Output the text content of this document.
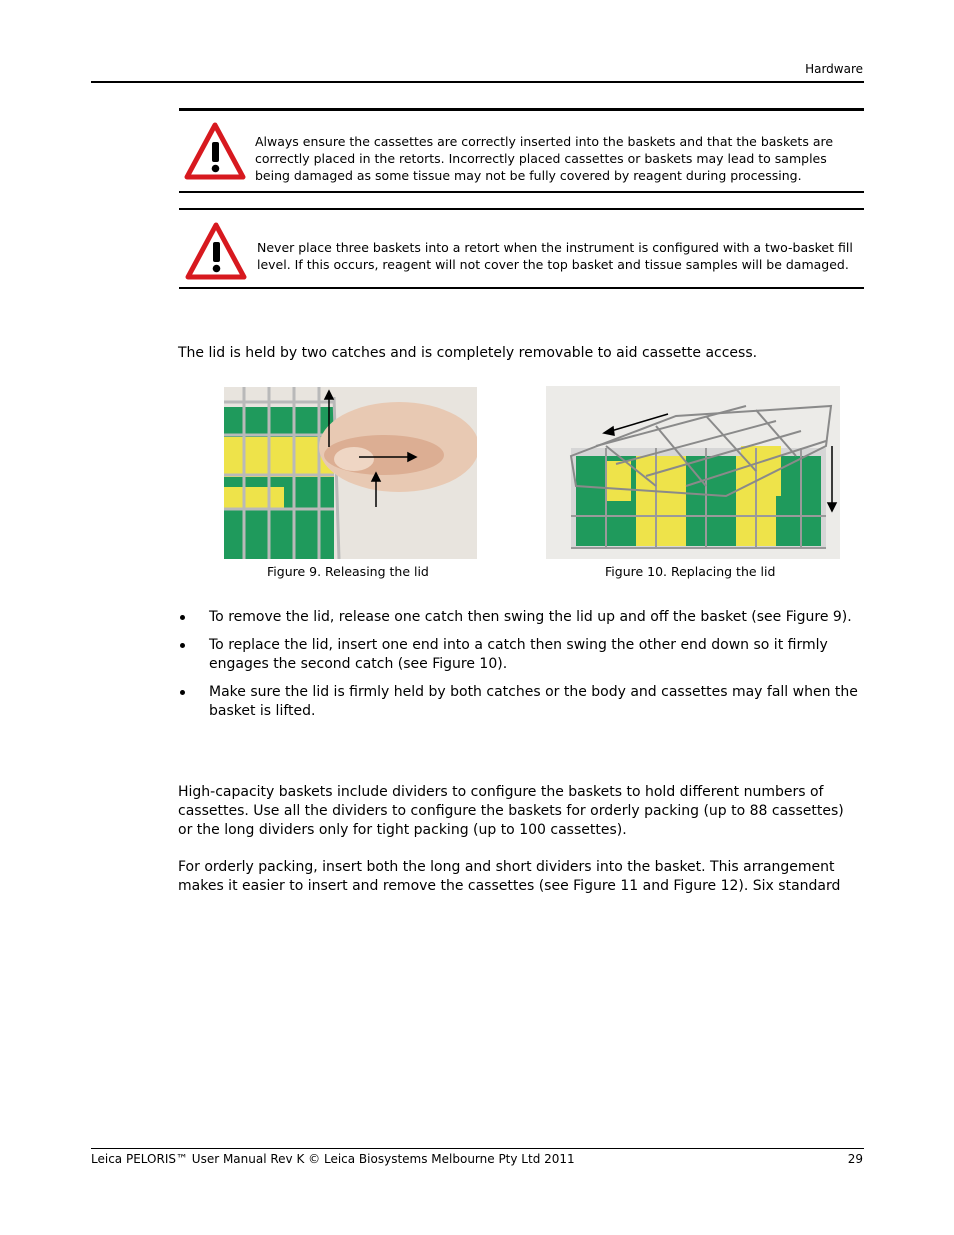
Hardware

Always ensure the cassettes are correctly inserted into the baskets and that the baskets are correctly placed in the retorts. Incorrectly placed cassettes or baskets may lead to samples being damaged as some tissue may not be fully covered by reagent during processing.

Never place three baskets into a retort when the instrument is configured with a two-basket fill level. If this occurs, reagent will not cover the top basket and tissue samples will be damaged.

The lid is held by two catches and is completely removable to aid cassette access.
Figure 9. Releasing the lid	Figure 10. Replacing the lid
To remove the lid, release one catch then swing the lid up and off the basket (see Figure 9).
To replace the lid, insert one end into a catch then swing the other end down so it firmly engages the second catch (see Figure 10).
Make sure the lid is firmly held by both catches or the body and cassettes may fall when the basket is lifted.
High-capacity baskets include dividers to configure the baskets to hold different numbers of cassettes. Use all the dividers to configure the baskets for orderly packing (up to 88 cassettes) or the long dividers only for tight packing (up to 100 cassettes).
For orderly packing, insert both the long and short dividers into the basket. This arrangement makes it easier to insert and remove the cassettes (see Figure 11 and Figure 12). Six standard
Leica PELORIS™ User Manual Rev K © Leica Biosystems Melbourne Pty Ltd 2011	29
